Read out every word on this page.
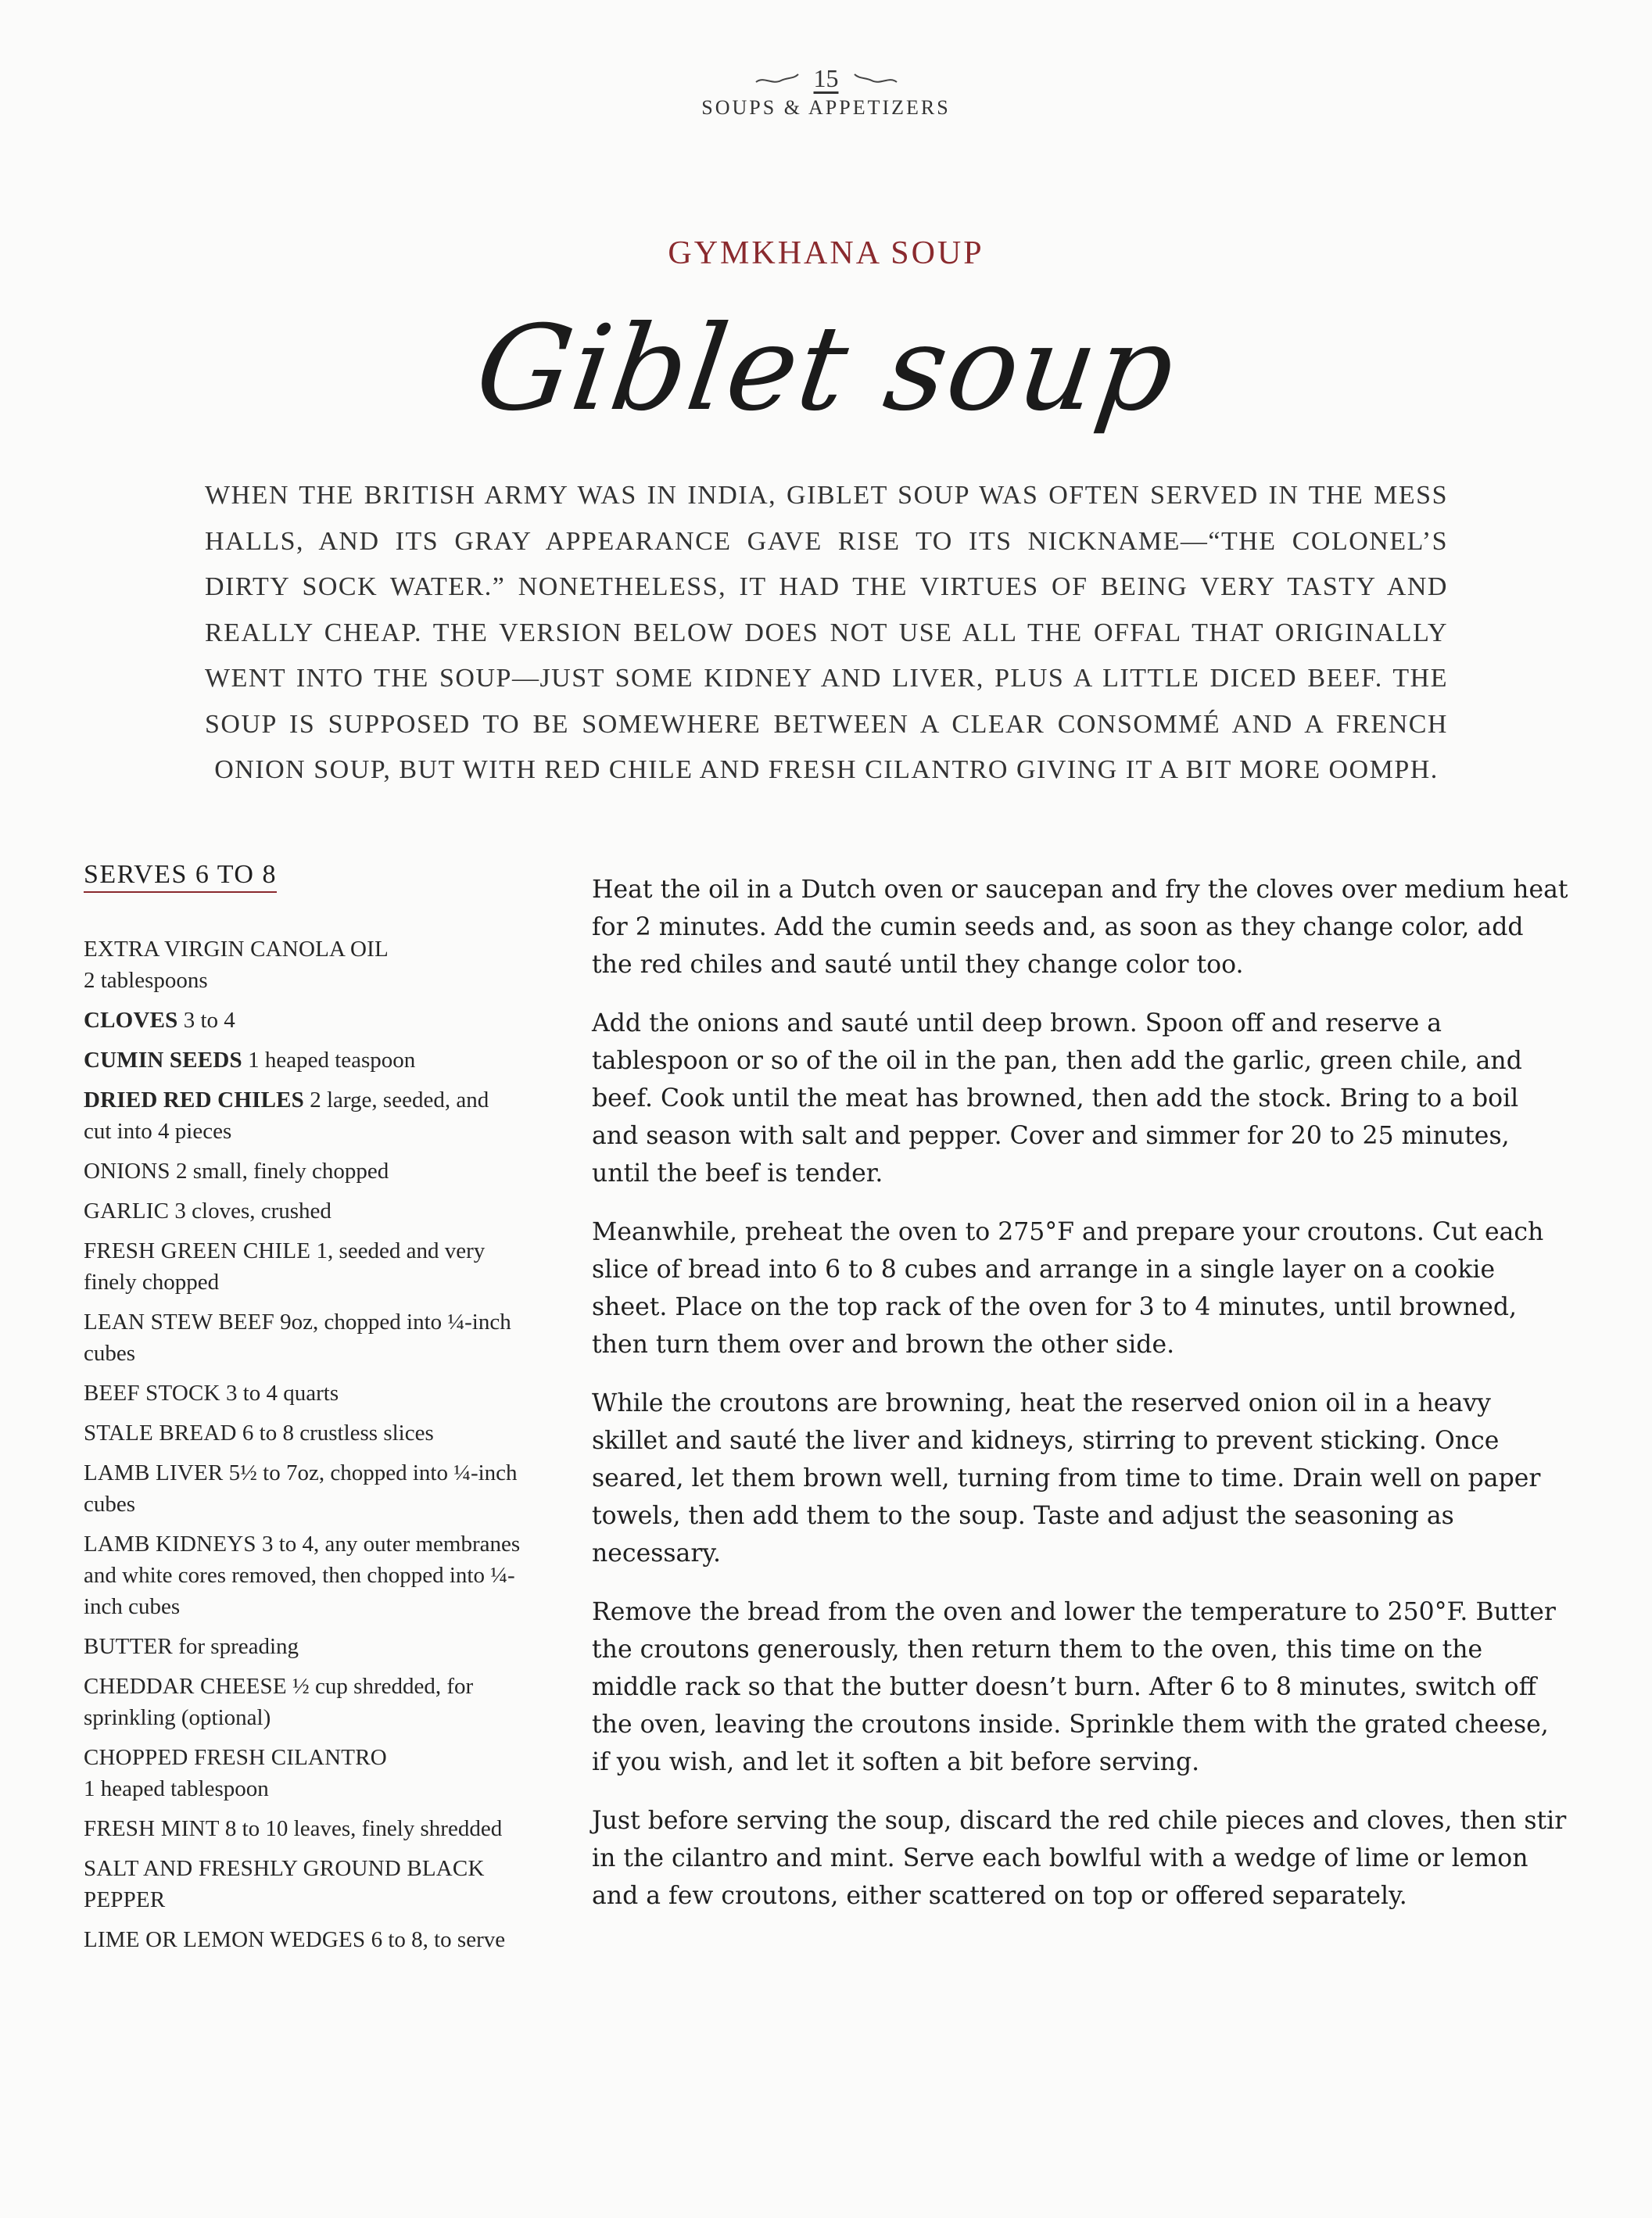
15
SOUPS & APPETIZERS
GYMKHANA SOUP
Giblet soup
WHEN THE BRITISH ARMY WAS IN INDIA, GIBLET SOUP WAS OFTEN SERVED IN THE MESS HALLS, AND ITS GRAY APPEARANCE GAVE RISE TO ITS NICKNAME—“THE COLONEL’S DIRTY SOCK WATER.” NONETHELESS, IT HAD THE VIRTUES OF BEING VERY TASTY AND REALLY CHEAP. THE VERSION BELOW DOES NOT USE ALL THE OFFAL THAT ORIGINALLY WENT INTO THE SOUP—JUST SOME KIDNEY AND LIVER, PLUS A LITTLE DICED BEEF. THE SOUP IS SUPPOSED TO BE SOMEWHERE BETWEEN A CLEAR CONSOMMÉ AND A FRENCH ONION SOUP, BUT WITH RED CHILE AND FRESH CILANTRO GIVING IT A BIT MORE OOMPH.
SERVES 6 TO 8
EXTRA VIRGIN CANOLA OIL
2 tablespoons
CLOVES 3 to 4
CUMIN SEEDS 1 heaped teaspoon
DRIED RED CHILES 2 large, seeded, and cut into 4 pieces
ONIONS 2 small, finely chopped
GARLIC 3 cloves, crushed
FRESH GREEN CHILE 1, seeded and very finely chopped
LEAN STEW BEEF 9oz, chopped into ¼-inch cubes
BEEF STOCK 3 to 4 quarts
STALE BREAD 6 to 8 crustless slices
LAMB LIVER 5½ to 7oz, chopped into ¼-inch cubes
LAMB KIDNEYS 3 to 4, any outer membranes and white cores removed, then chopped into ¼-inch cubes
BUTTER for spreading
CHEDDAR CHEESE ½ cup shredded, for sprinkling (optional)
CHOPPED FRESH CILANTRO
1 heaped tablespoon
FRESH MINT 8 to 10 leaves, finely shredded
SALT AND FRESHLY GROUND BLACK PEPPER
LIME OR LEMON WEDGES 6 to 8, to serve

Heat the oil in a Dutch oven or saucepan and fry the cloves over medium heat for 2 minutes. Add the cumin seeds and, as soon as they change color, add the red chiles and sauté until they change color too.

Add the onions and sauté until deep brown. Spoon off and reserve a tablespoon or so of the oil in the pan, then add the garlic, green chile, and beef. Cook until the meat has browned, then add the stock. Bring to a boil and season with salt and pepper. Cover and simmer for 20 to 25 minutes, until the beef is tender.

Meanwhile, preheat the oven to 275°F and prepare your croutons. Cut each slice of bread into 6 to 8 cubes and arrange in a single layer on a cookie sheet. Place on the top rack of the oven for 3 to 4 minutes, until browned, then turn them over and brown the other side.

While the croutons are browning, heat the reserved onion oil in a heavy skillet and sauté the liver and kidneys, stirring to prevent sticking. Once seared, let them brown well, turning from time to time. Drain well on paper towels, then add them to the soup. Taste and adjust the seasoning as necessary.

Remove the bread from the oven and lower the temperature to 250°F. Butter the croutons generously, then return them to the oven, this time on the middle rack so that the butter doesn’t burn. After 6 to 8 minutes, switch off the oven, leaving the croutons inside. Sprinkle them with the grated cheese, if you wish, and let it soften a bit before serving.

Just before serving the soup, discard the red chile pieces and cloves, then stir in the cilantro and mint. Serve each bowlful with a wedge of lime or lemon and a few croutons, either scattered on top or offered separately.
